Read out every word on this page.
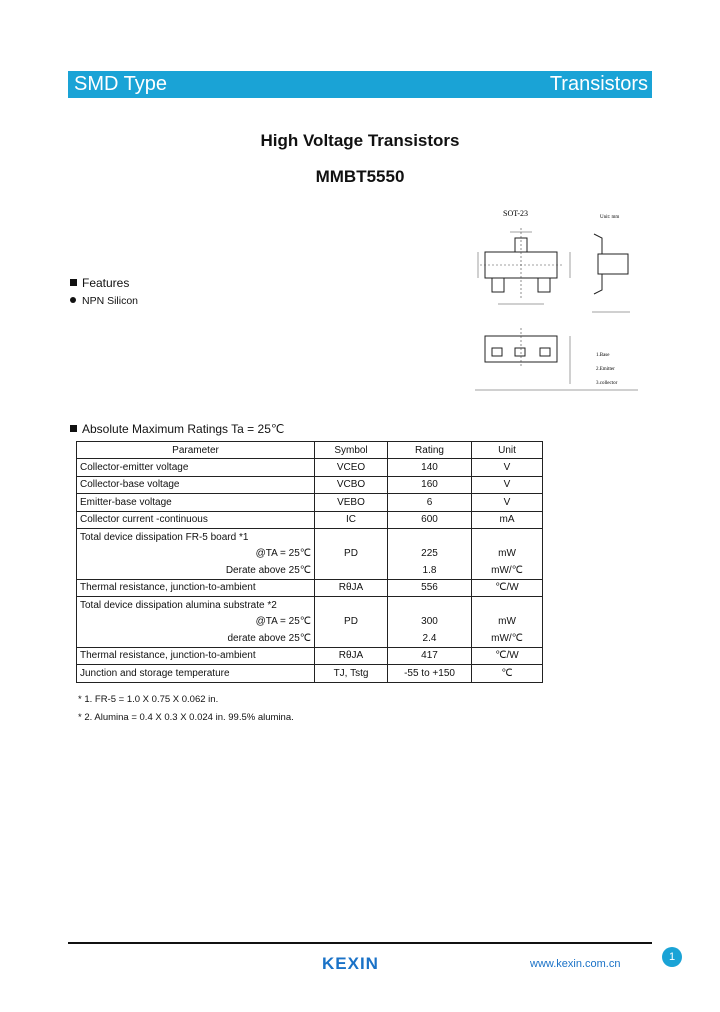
SMD Type	Transistors
High Voltage Transistors
MMBT5550
SOT-23	Unit: mm
1.Base
2.Emitter
3.collector
Features
NPN Silicon
Absolute Maximum Ratings Ta = 25℃
Parameter	Symbol	Rating	Unit
Collector-emitter voltage	VCEO	140	V
Collector-base voltage	VCBO	160	V
Emitter-base voltage	VEBO	6	V
Collector current -continuous	IC	600	mA
Total device dissipation FR-5 board *1	PD		
@TA = 25℃		225	mW
Derate above 25℃		1.8	mW/℃
Thermal resistance, junction-to-ambient	RθJA	556	℃/W
Total device dissipation alumina substrate *2	PD		
@TA = 25℃		300	mW
derate above 25℃		2.4	mW/℃
Thermal resistance, junction-to-ambient	RθJA	417	℃/W
Junction and storage temperature	TJ, Tstg	-55 to +150	℃
* 1. FR-5 = 1.0 X 0.75 X 0.062 in.
* 2. Alumina = 0.4 X 0.3 X 0.024 in. 99.5% alumina.
KEXIN	www.kexin.com.cn
1
